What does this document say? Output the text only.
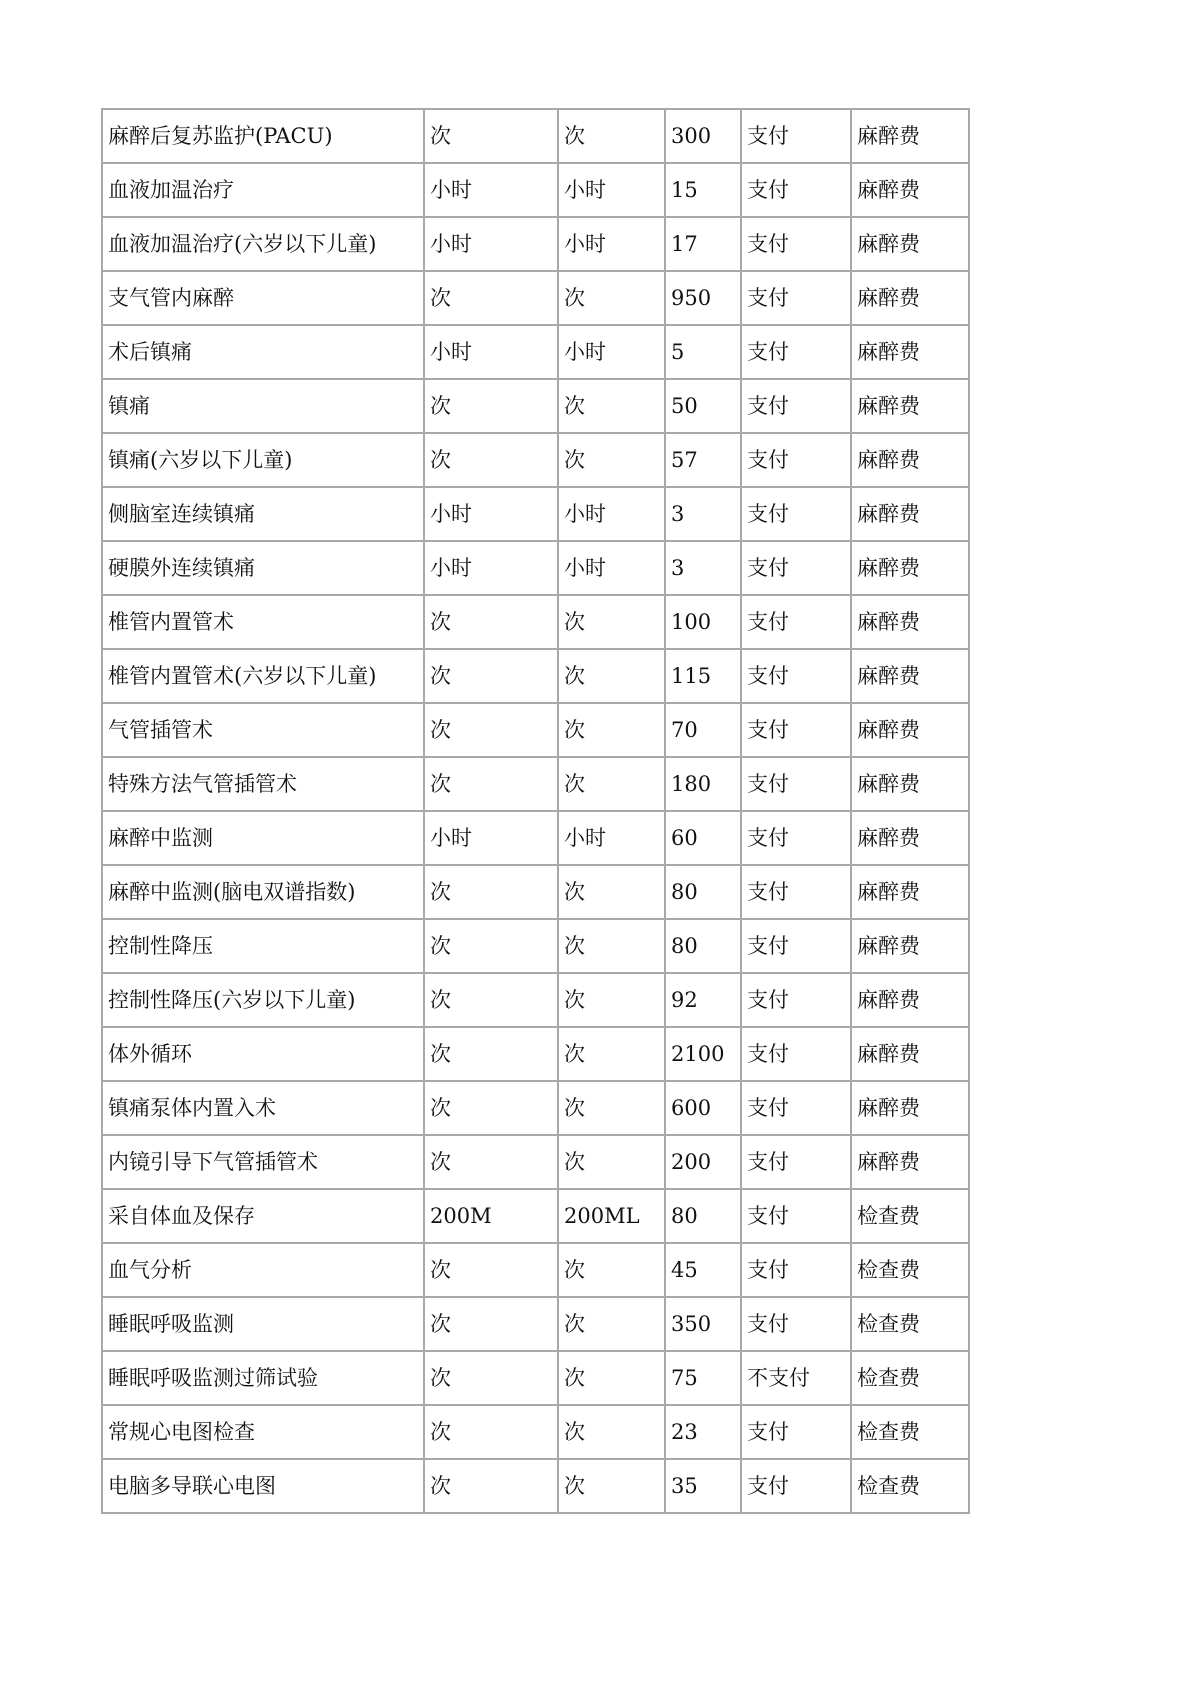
麻醉后复苏监护(PACU)	次	次	300	支付	麻醉费
血液加温治疗	小时	小时	15	支付	麻醉费
血液加温治疗(六岁以下儿童)	小时	小时	17	支付	麻醉费
支气管内麻醉	次	次	950	支付	麻醉费
术后镇痛	小时	小时	5	支付	麻醉费
镇痛	次	次	50	支付	麻醉费
镇痛(六岁以下儿童)	次	次	57	支付	麻醉费
侧脑室连续镇痛	小时	小时	3	支付	麻醉费
硬膜外连续镇痛	小时	小时	3	支付	麻醉费
椎管内置管术	次	次	100	支付	麻醉费
椎管内置管术(六岁以下儿童)	次	次	115	支付	麻醉费
气管插管术	次	次	70	支付	麻醉费
特殊方法气管插管术	次	次	180	支付	麻醉费
麻醉中监测	小时	小时	60	支付	麻醉费
麻醉中监测(脑电双谱指数)	次	次	80	支付	麻醉费
控制性降压	次	次	80	支付	麻醉费
控制性降压(六岁以下儿童)	次	次	92	支付	麻醉费
体外循环	次	次	2100	支付	麻醉费
镇痛泵体内置入术	次	次	600	支付	麻醉费
内镜引导下气管插管术	次	次	200	支付	麻醉费
采自体血及保存	200M	200ML	80	支付	检查费
血气分析	次	次	45	支付	检查费
睡眠呼吸监测	次	次	350	支付	检查费
睡眠呼吸监测过筛试验	次	次	75	不支付	检查费
常规心电图检查	次	次	23	支付	检查费
电脑多导联心电图	次	次	35	支付	检查费
